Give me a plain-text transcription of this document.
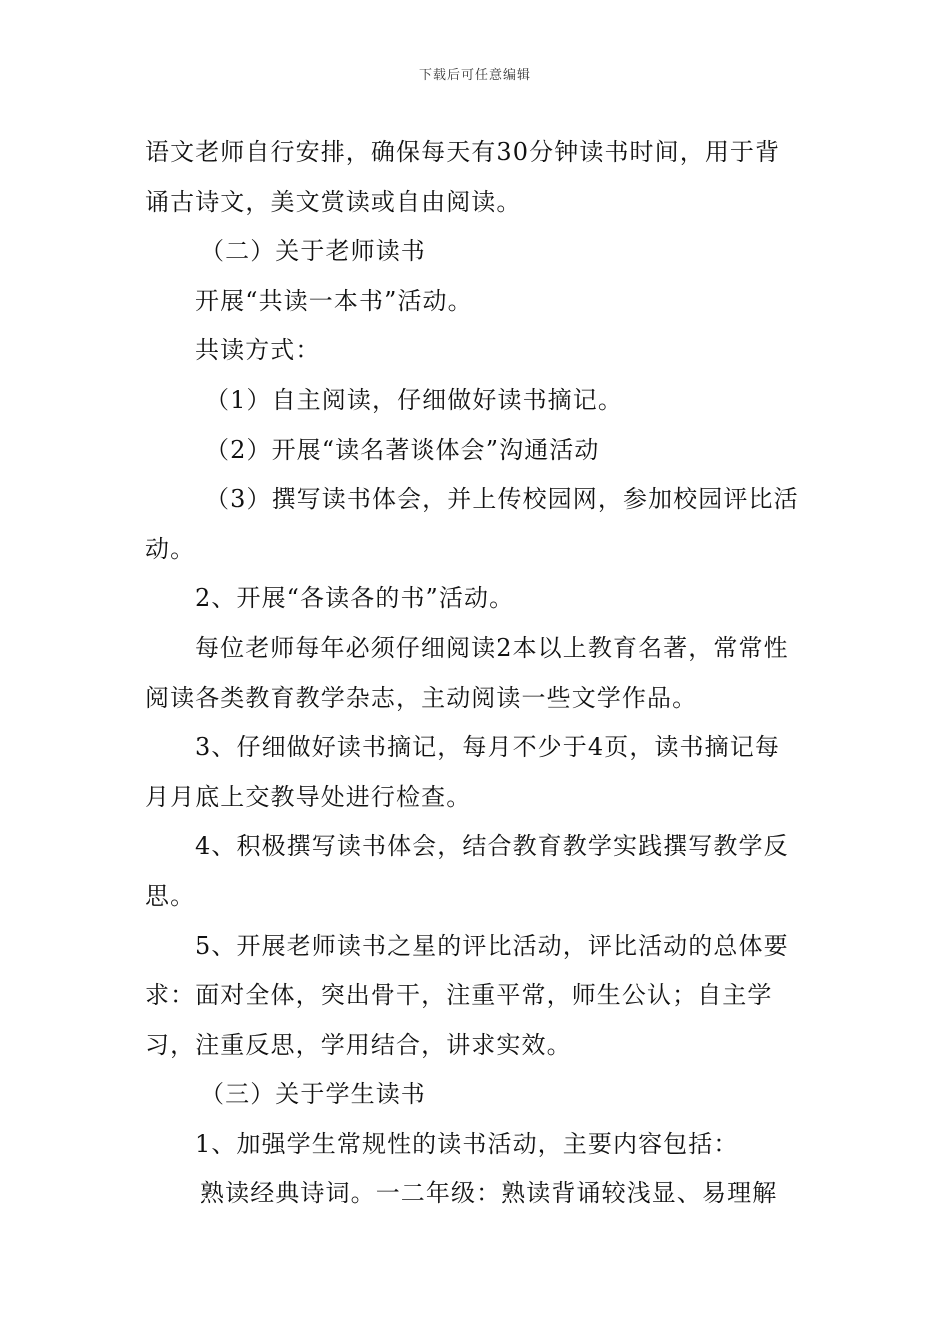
下载后可任意编辑

语文老师自行安排，确保每天有30分钟读书时间，用于背

诵古诗文，美文赏读或自由阅读。

（二）关于老师读书

开展“共读一本书”活动。

共读方式：

（1）自主阅读，仔细做好读书摘记。

（2）开展“读名著谈体会”沟通活动

（3）撰写读书体会，并上传校园网，参加校园评比活

动。

2、开展“各读各的书”活动。

每位老师每年必须仔细阅读2本以上教育名著，常常性

阅读各类教育教学杂志，主动阅读一些文学作品。

3、仔细做好读书摘记，每月不少于4页，读书摘记每

月月底上交教导处进行检查。

4、积极撰写读书体会，结合教育教学实践撰写教学反

思。

5、开展老师读书之星的评比活动，评比活动的总体要

求：面对全体，突出骨干，注重平常，师生公认；自主学

习，注重反思，学用结合，讲求实效。

（三）关于学生读书

1、加强学生常规性的读书活动，主要内容包括：

熟读经典诗词。一二年级：熟读背诵较浅显、易理解
